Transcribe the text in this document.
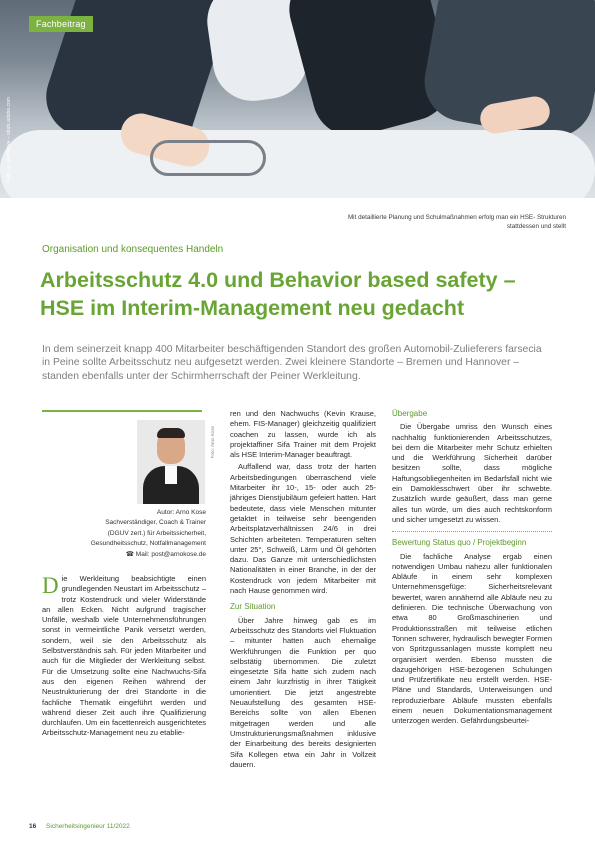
Fachbeitrag
Foto: © peshkova – stock.adobe.com
Mit detaillierte Planung und Schulmaßnahmen erfolg man ein HSE- Strukturen stattdessen und stellt
Organisation und konsequentes Handeln
Arbeitsschutz 4.0 und Behavior based safety – HSE im Interim-Management neu gedacht
In dem seinerzeit knapp 400 Mitarbeiter beschäftigenden Standort des großen Automobil-Zulieferers farsecia in Peine sollte Arbeitsschutz neu aufgesetzt werden. Zwei kleinere Standorte – Bremen und Hannover – standen ebenfalls unter der Schirmherrschaft der Peiner Werkleitung.
Foto: Arno Kose
Autor: Arno Kose
Sachverständiger, Coach & Trainer
(DGUV zert.) für Arbeitssicherheit,
Gesundheitsschutz, Notfallmanagement
☎ Mail: post@arnokose.de
D ie Werkleitung beabsichtigte einen grundlegenden Neustart im Arbeitsschutz – trotz Kostendruck und vieler Widerstände an allen Ecken. Nicht aufgrund tragischer Unfälle, weshalb viele Unternehmensführungen sonst in vermeintliche Panik versetzt werden, sondern, weil sie den Arbeitsschutz als Selbstverständnis sah. Für jeden Mitarbeiter und auch für die Mitglieder der Werkleitung selbst. Für die Umsetzung sollte eine Nachwuchs-Sifa aus den eigenen Reihen während der Neustrukturierung der drei Standorte in die fachliche Thematik eingeführt werden und während dieser Zeit auch ihre Qualifizierung durchlaufen. Um ein facettenreich ausgerichtetes Arbeitsschutz-Management neu zu etablie-

ren und den Nachwuchs (Kevin Krause, ehem. FIS-Manager) gleichzeitig qualifiziert coachen zu lassen, wurde ich als projektaffiner Sifa Trainer mit dem Projekt als HSE Interim-Manager beauftragt.

Auffallend war, dass trotz der harten Arbeitsbedingungen überraschend viele Mitarbeiter ihr 10-, 15- oder auch 25-jähriges Dienstjubiläum gefeiert hatten. Hart bedeutete, dass viele Menschen mitunter getaktet in teilweise sehr beengenden Arbeitsplatzverhältnissen 24/6 in drei Schichten arbeiteten. Temperaturen selten unter 25°, Schweiß, Lärm und Öl gehörten dazu. Das Ganze mit unterschiedlichsten Nationalitäten in einer Branche, in der der Kostendruck von jedem Mitarbeiter mit nach Hause genommen wird.

Zur Situation

Über Jahre hinweg gab es im Arbeitsschutz des Standorts viel Fluktuation – mitunter hatten auch ehemalige Werkführungen die Funktion per quo selbstätig übernommen. Die zuletzt eingesetzte Sifa hatte sich zudem nach einem Jahr kurzfristig in ihrer Tätigkeit umorientiert. Die jetzt angestrebte Neuaufstellung des gesamten HSE-Bereichs sollte von allen Ebenen mitgetragen werden und alle Umstrukturierungsmaßnahmen inklusive der Einarbeitung des bereits designierten Sifa Kollegen etwa ein Jahr in Vollzeit dauern.

Übergabe

Die Übergabe umriss den Wunsch eines nachhaltig funktionierenden Arbeitsschutzes, bei dem die Mitarbeiter mehr Schutz erhielten und die Werkführung Sicherheit darüber besitzen sollte, dass mögliche Haftungsobliegenheiten im Bedarfsfall nicht wie ein Damoklesschwert über ihr schwebte. Zusätzlich wurde geäußert, dass man gerne alles tun würde, um dies auch rechtskonform und sicher umgesetzt zu wissen.

Bewertung Status quo / Projektbeginn

Die fachliche Analyse ergab einen notwendigen Umbau nahezu aller funktionalen Abläufe in einem sehr komplexen Unternehmensgefüge: Sicherheitsrelevant bewertet, waren annähernd alle Abläufe neu zu definieren. Die technische Überwachung von etwa 80 Großmaschinerien und Produktionsstraßen mit teilweise etlichen Tonnen schwerer, hydraulisch bewegter Formen von Spritzgussanlagen musste komplett neu organisiert werden. Ebenso mussten die dazugehörigen HSE-bezogenen Schulungen und Prüfzertifikate neu erstellt werden. HSE-Pläne und Standards, Unterweisungen und reproduzierbare Abläufe mussten ebenfalls einem neuen Dokumentationsmanagement unterzogen werden. Gefährdungsbeurtei-

16 Sicherheitsingenieur 11/2022
